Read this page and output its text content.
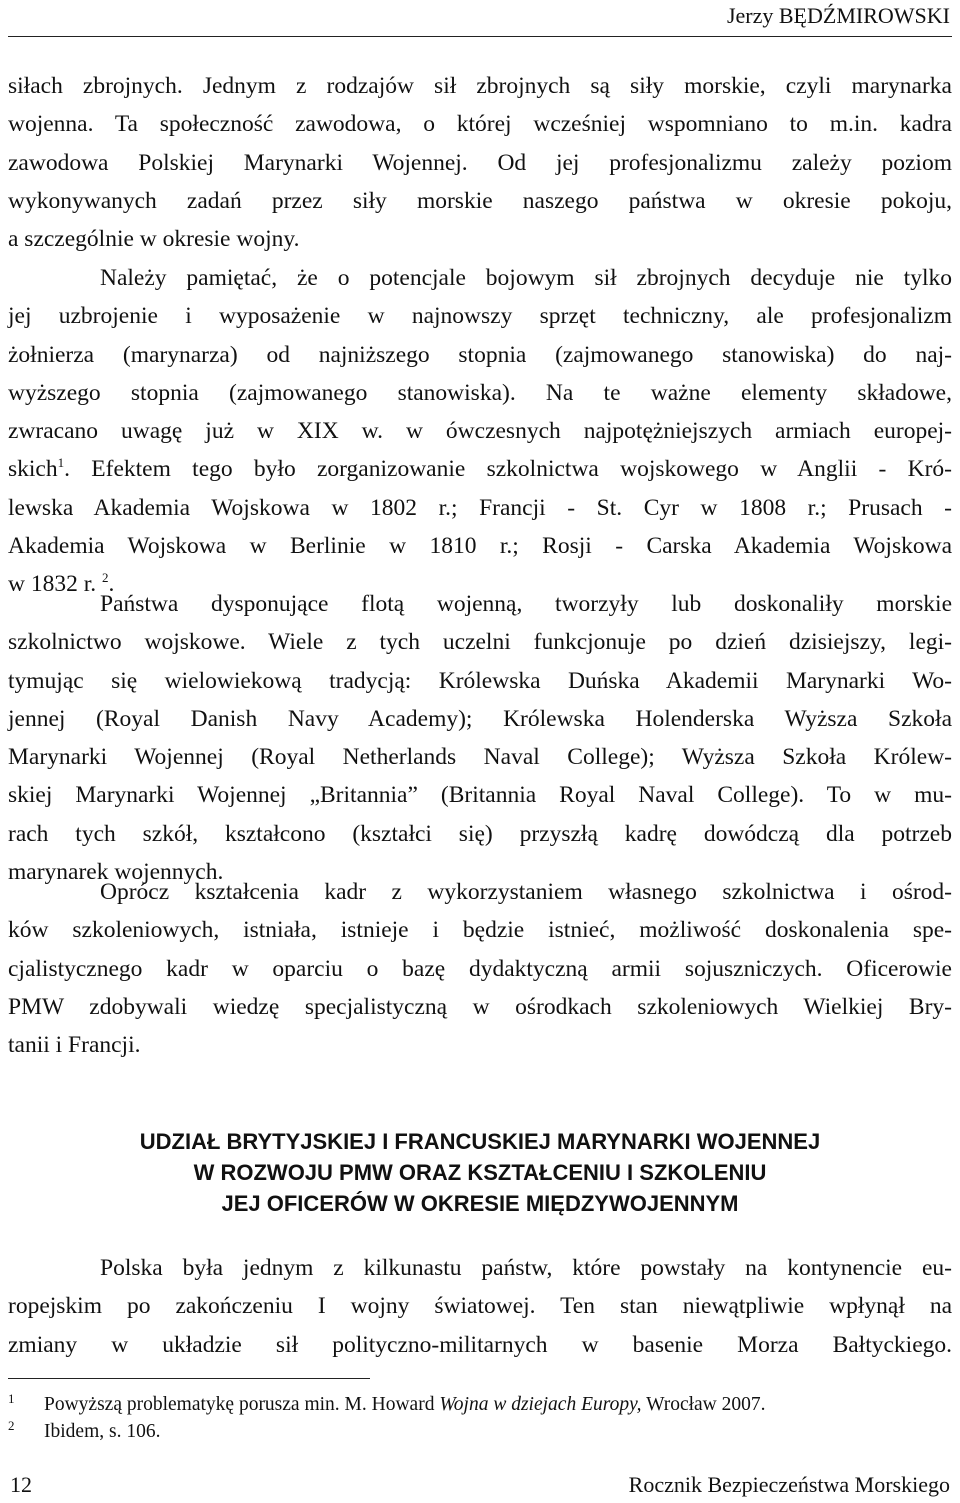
Jerzy BĘDŹMIROWSKI
siłach zbrojnych. Jednym z rodzajów sił zbrojnych są siły morskie, czyli marynarka
wojenna. Ta społeczność zawodowa, o której wcześniej wspomniano to m.in. kadra
zawodowa Polskiej Marynarki Wojennej. Od jej profesjonalizmu zależy poziom
wykonywanych zadań przez siły morskie naszego państwa w okresie pokoju,
a szczególnie w okresie wojny.
Należy pamiętać, że o potencjale bojowym sił zbrojnych decyduje nie tylko
jej uzbrojenie i wyposażenie w najnowszy sprzęt techniczny, ale profesjonalizm
żołnierza (marynarza) od najniższego stopnia (zajmowanego stanowiska) do naj-
wyższego stopnia (zajmowanego stanowiska). Na te ważne elementy składowe,
zwracano uwagę już w XIX w. w ówczesnych najpotężniejszych armiach europej-
skich$^1$. Efektem tego było zorganizowanie szkolnictwa wojskowego w Anglii - Kró-
lewska Akademia Wojskowa w 1802 r.; Francji - St. Cyr w 1808 r.; Prusach -
Akademia Wojskowa w Berlinie w 1810 r.; Rosji - Carska Akademia Wojskowa
w 1832 r. $^2$.
Państwa dysponujące flotą wojenną, tworzyły lub doskonaliły morskie
szkolnictwo wojskowe. Wiele z tych uczelni funkcjonuje po dzień dzisiejszy, legi-
tymując się wielowiekową tradycją: Królewska Duńska Akademii Marynarki Wo-
jennej (Royal Danish Navy Academy); Królewska Holenderska Wyższa Szkoła
Marynarki Wojennej (Royal Netherlands Naval College); Wyższa Szkoła Królew-
skiej Marynarki Wojennej „Britannia” (Britannia Royal Naval College). To w mu-
rach tych szkół, kształcono (kształci się) przyszłą kadrę dowódczą dla potrzeb
marynarek wojennych.
Oprócz kształcenia kadr z wykorzystaniem własnego szkolnictwa i ośrod-
ków szkoleniowych, istniała, istnieje i będzie istnieć, możliwość doskonalenia spe-
cjalistycznego kadr w oparciu o bazę dydaktyczną armii sojuszniczych. Oficerowie
PMW zdobywali wiedzę specjalistyczną w ośrodkach szkoleniowych Wielkiej Bry-
tanii i Francji.
UDZIAŁ BRYTYJSKIEJ I FRANCUSKIEJ MARYNARKI WOJENNEJ
W ROZWOJU PMW ORAZ KSZTAŁCENIU I SZKOLENIU
JEJ OFICERÓW W OKRESIE MIĘDZYWOJENNYM
Polska była jednym z kilkunastu państw, które powstały na kontynencie eu-
ropejskim po zakończeniu I wojny światowej. Ten stan niewątpliwie wpłynął na
zmiany w układzie sił polityczno-militarnych w basenie Morza Bałtyckiego.
1 Powyższą problematykę porusza min. M. Howard Wojna w dziejach Europy, Wrocław 2007.
2 Ibidem, s. 106.
12	Rocznik Bezpieczeństwa Morskiego
